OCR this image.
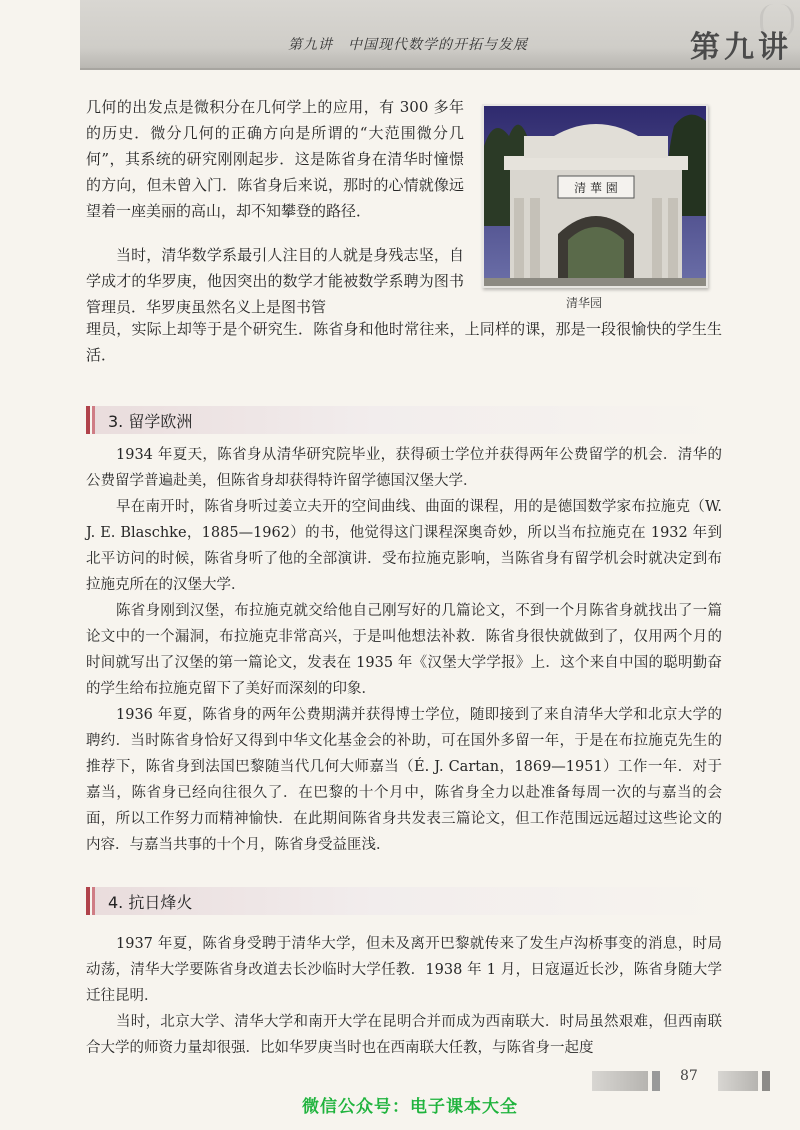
第九讲　中国现代数学的开拓与发展	第九讲
几何的出发点是微积分在几何学上的应用，有 300 多年的历史．微分几何的正确方向是所谓的“大范围微分几何”，其系统的研究刚刚起步．这是陈省身在清华时憧憬的方向，但未曾入门．陈省身后来说，那时的心情就像远望着一座美丽的高山，却不知攀登的路径．
当时，清华数学系最引人注目的人就是身残志坚，自学成才的华罗庚，他因突出的数学才能被数学系聘为图书管理员．华罗庚虽然名义上是图书管
理员，实际上却等于是个研究生．陈省身和他时常往来，上同样的课，那是一段很愉快的学生生活．
清 華 園
清华园
3. 留学欧洲
1934 年夏天，陈省身从清华研究院毕业，获得硕士学位并获得两年公费留学的机会．清华的公费留学普遍赴美，但陈省身却获得特许留学德国汉堡大学．
早在南开时，陈省身听过姜立夫开的空间曲线、曲面的课程，用的是德国数学家布拉施克（W. J. E. Blaschke，1885—1962）的书，他觉得这门课程深奥奇妙，所以当布拉施克在 1932 年到北平访问的时候，陈省身听了他的全部演讲．受布拉施克影响，当陈省身有留学机会时就决定到布拉施克所在的汉堡大学．
陈省身刚到汉堡，布拉施克就交给他自己刚写好的几篇论文，不到一个月陈省身就找出了一篇论文中的一个漏洞，布拉施克非常高兴，于是叫他想法补救．陈省身很快就做到了，仅用两个月的时间就写出了汉堡的第一篇论文，发表在 1935 年《汉堡大学学报》上．这个来自中国的聪明勤奋的学生给布拉施克留下了美好而深刻的印象．
1936 年夏，陈省身的两年公费期满并获得博士学位，随即接到了来自清华大学和北京大学的聘约．当时陈省身恰好又得到中华文化基金会的补助，可在国外多留一年，于是在布拉施克先生的推荐下，陈省身到法国巴黎随当代几何大师嘉当（É. J. Cartan，1869—1951）工作一年．对于嘉当，陈省身已经向往很久了．在巴黎的十个月中，陈省身全力以赴准备每周一次的与嘉当的会面，所以工作努力而精神愉快．在此期间陈省身共发表三篇论文，但工作范围远远超过这些论文的内容．与嘉当共事的十个月，陈省身受益匪浅．
4. 抗日烽火
1937 年夏，陈省身受聘于清华大学，但未及离开巴黎就传来了发生卢沟桥事变的消息，时局动荡，清华大学要陈省身改道去长沙临时大学任教．1938 年 1 月，日寇逼近长沙，陈省身随大学迁往昆明．
当时，北京大学、清华大学和南开大学在昆明合并而成为西南联大．时局虽然艰难，但西南联合大学的师资力量却很强．比如华罗庚当时也在西南联大任教，与陈省身一起度
87
微信公众号：电子课本大全
